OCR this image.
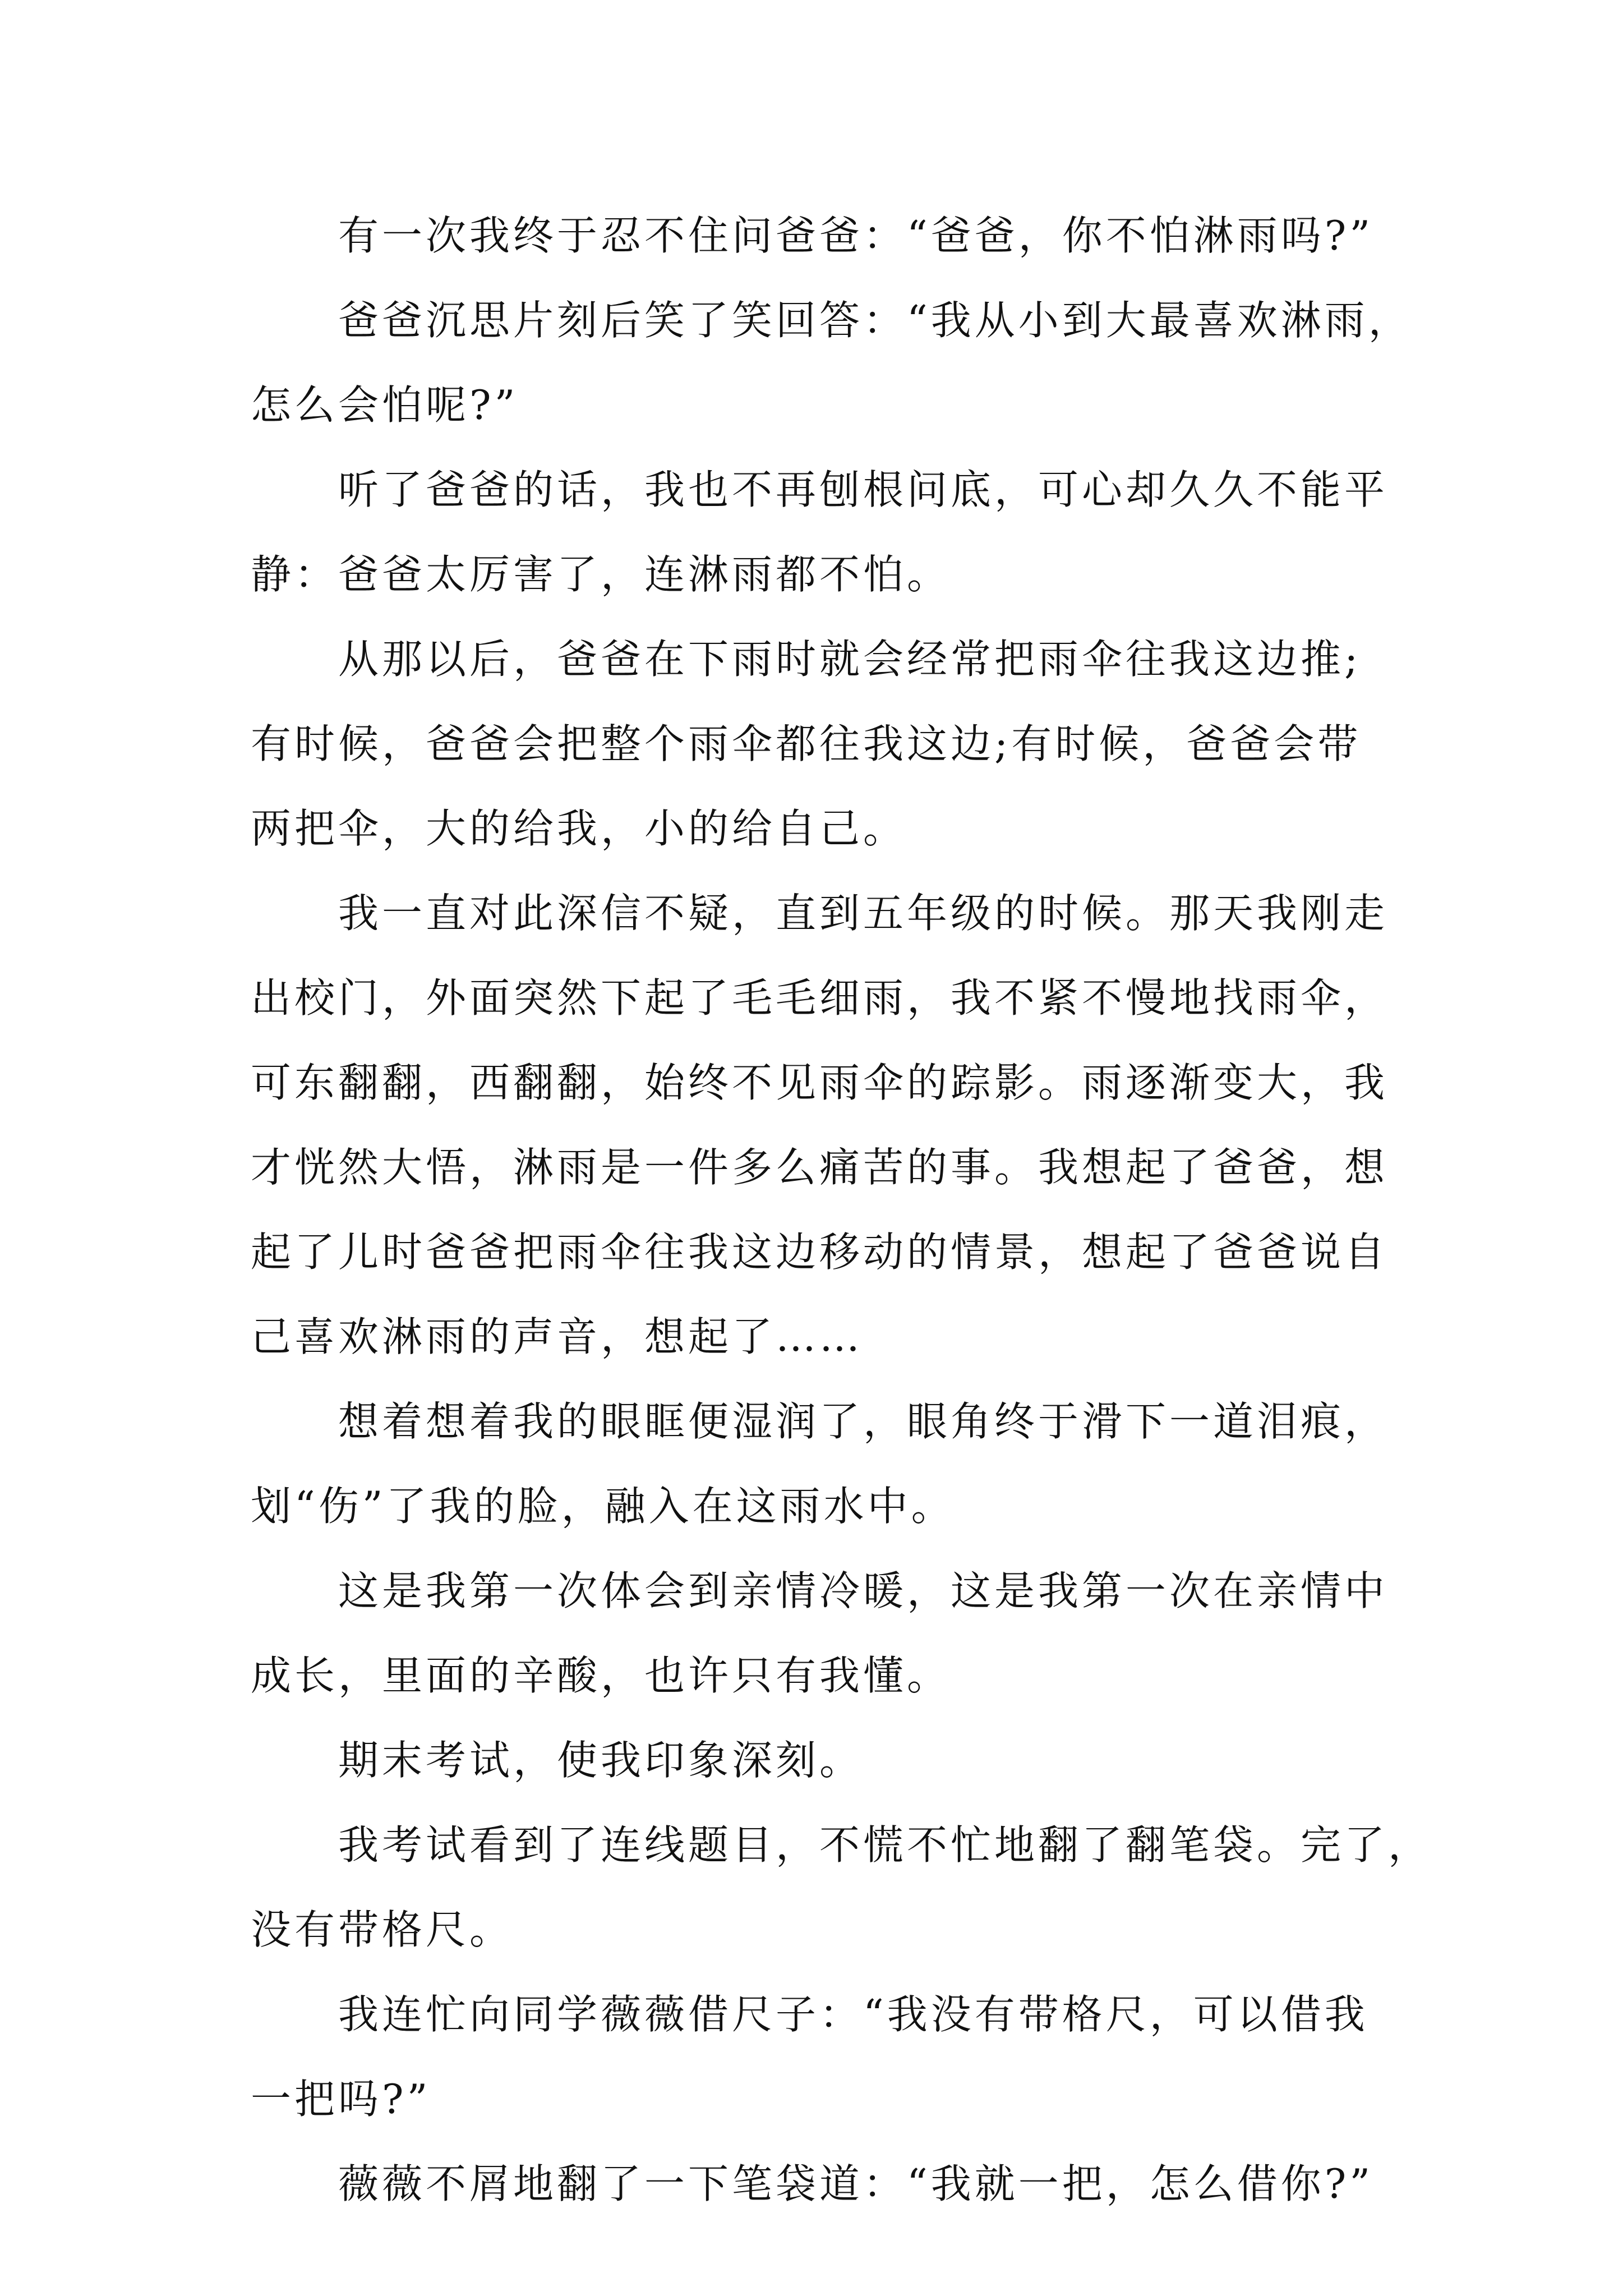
有一次我终于忍不住问爸爸：“爸爸，你不怕淋雨吗?”

爸爸沉思片刻后笑了笑回答：“我从小到大最喜欢淋雨，
怎么会怕呢?”

听了爸爸的话，我也不再刨根问底，可心却久久不能平
静：爸爸太厉害了，连淋雨都不怕。

从那以后，爸爸在下雨时就会经常把雨伞往我这边推;
有时候，爸爸会把整个雨伞都往我这边;有时候，爸爸会带
两把伞，大的给我，小的给自己。

我一直对此深信不疑，直到五年级的时候。那天我刚走
出校门，外面突然下起了毛毛细雨，我不紧不慢地找雨伞，
可东翻翻，西翻翻，始终不见雨伞的踪影。雨逐渐变大，我
才恍然大悟，淋雨是一件多么痛苦的事。我想起了爸爸，想
起了儿时爸爸把雨伞往我这边移动的情景，想起了爸爸说自
己喜欢淋雨的声音，想起了……

想着想着我的眼眶便湿润了，眼角终于滑下一道泪痕，
划“伤”了我的脸，融入在这雨水中。

这是我第一次体会到亲情冷暖，这是我第一次在亲情中
成长，里面的辛酸，也许只有我懂。

期末考试，使我印象深刻。

我考试看到了连线题目，不慌不忙地翻了翻笔袋。完了，
没有带格尺。

我连忙向同学薇薇借尺子：“我没有带格尺，可以借我
一把吗?”

薇薇不屑地翻了一下笔袋道：“我就一把，怎么借你?”
